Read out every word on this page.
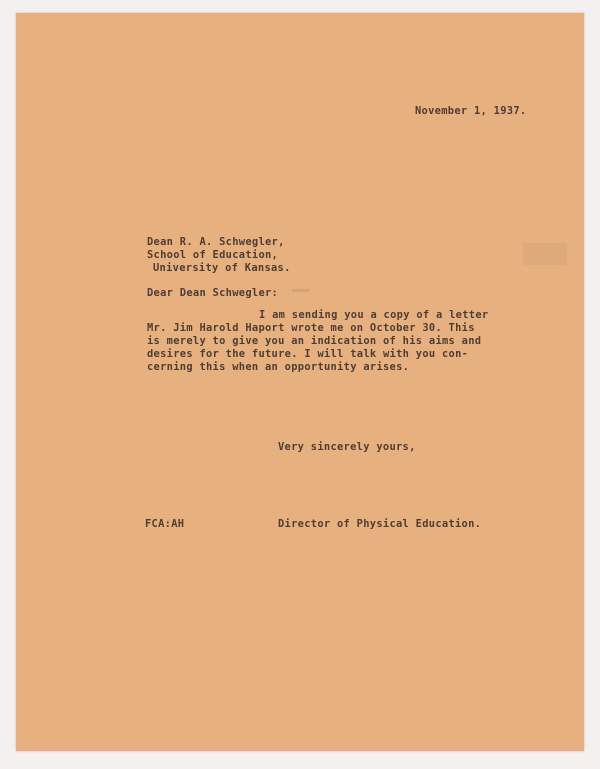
November 1, 1937.

Dean R. A. Schwegler,

School of Education,

University of Kansas.

Dear Dean Schwegler:

I am sending you a copy of a letter

Mr. Jim Harold Haport wrote me on October 30. This

is merely to give you an indication of his aims and

desires for the future. I will talk with you con-

cerning this when an opportunity arises.

Very sincerely yours,

FCA:AH	Director of Physical Education.
